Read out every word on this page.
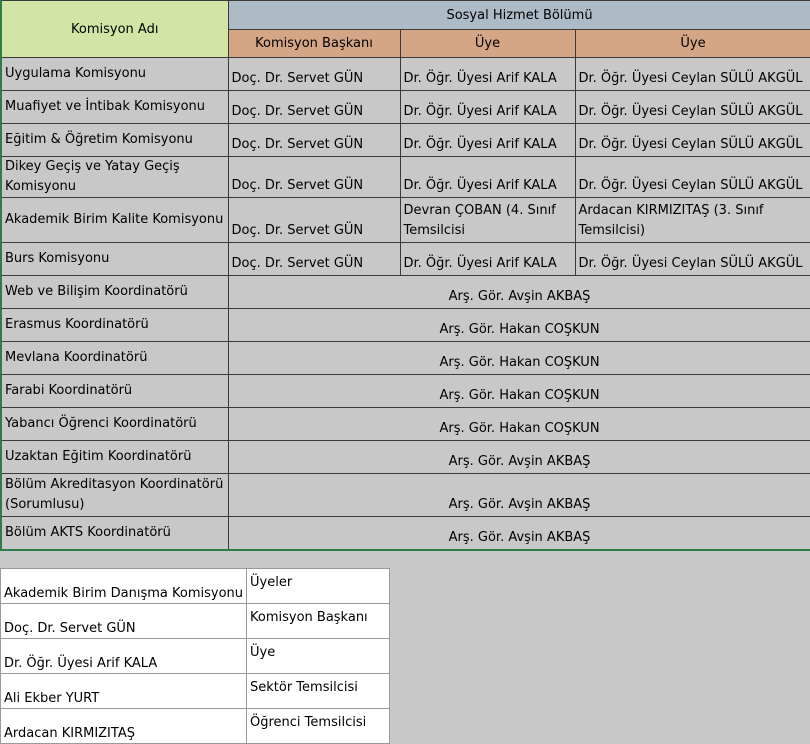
Komisyon Adı	Sosyal Hizmet Bölümü		
	Komisyon Başkanı	Üye	Üye
Uygulama Komisyonu	Doç. Dr. Servet GÜN	Dr. Öğr. Üyesi Arif KALA	Dr. Öğr. Üyesi Ceylan SÜLÜ AKGÜL
Muafiyet ve İntibak Komisyonu	Doç. Dr. Servet GÜN	Dr. Öğr. Üyesi Arif KALA	Dr. Öğr. Üyesi Ceylan SÜLÜ AKGÜL
Eğitim & Öğretim Komisyonu	Doç. Dr. Servet GÜN	Dr. Öğr. Üyesi Arif KALA	Dr. Öğr. Üyesi Ceylan SÜLÜ AKGÜL
Dikey Geçiş ve Yatay Geçiş Komisyonu	Doç. Dr. Servet GÜN	Dr. Öğr. Üyesi Arif KALA	Dr. Öğr. Üyesi Ceylan SÜLÜ AKGÜL
Akademik Birim Kalite Komisyonu	Doç. Dr. Servet GÜN	Devran ÇOBAN (4. Sınıf Temsilcisi	Ardacan KIRMIZITAŞ (3. Sınıf Temsilcisi)
Burs Komisyonu	Doç. Dr. Servet GÜN	Dr. Öğr. Üyesi Arif KALA	Dr. Öğr. Üyesi Ceylan SÜLÜ AKGÜL
Web ve Bilişim Koordinatörü	Arş. Gör. Avşin AKBAŞ		
Erasmus Koordinatörü	Arş. Gör. Hakan COŞKUN		
Mevlana Koordinatörü	Arş. Gör. Hakan COŞKUN		
Farabi Koordinatörü	Arş. Gör. Hakan COŞKUN		
Yabancı Öğrenci Koordinatörü	Arş. Gör. Hakan COŞKUN		
Uzaktan Eğitim Koordinatörü	Arş. Gör. Avşin AKBAŞ		
Bölüm Akreditasyon Koordinatörü (Sorumlusu)	Arş. Gör. Avşin AKBAŞ		
Bölüm AKTS Koordinatörü	Arş. Gör. Avşin AKBAŞ		
Akademik Birim Danışma Komisyonu	Üyeler
Doç. Dr. Servet GÜN	Komisyon Başkanı
Dr. Öğr. Üyesi Arif KALA	Üye
Ali Ekber YURT	Sektör Temsilcisi
Ardacan KIRMIZITAŞ	Öğrenci Temsilcisi
